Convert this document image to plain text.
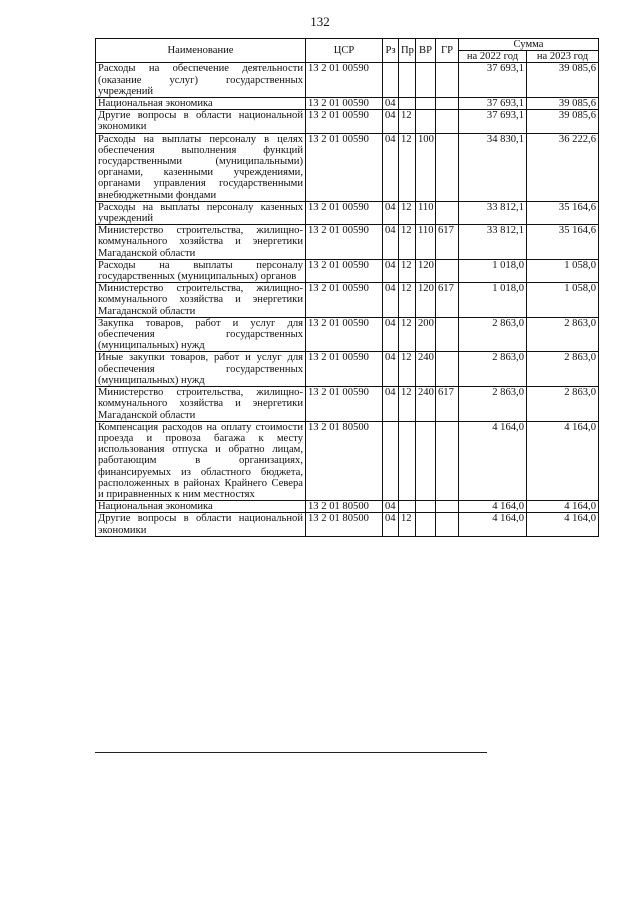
132
Наименование	ЦСР	Рз	Пр	ВР	ГР	Сумма	
						на 2022 год	на 2023 год
Расходы на обеспечение деятельности (оказание услуг) государственных учреждений	13 2 01 00590					37 693,1	39 085,6
Национальная экономика	13 2 01 00590	04				37 693,1	39 085,6
Другие вопросы в области национальной экономики	13 2 01 00590	04	12			37 693,1	39 085,6
Расходы на выплаты персоналу в целях обеспечения выполнения функций государственными (муниципальными) органами, казенными учреждениями, органами управления государственными внебюджетными фондами	13 2 01 00590	04	12	100		34 830,1	36 222,6
Расходы на выплаты персоналу казенных учреждений	13 2 01 00590	04	12	110		33 812,1	35 164,6
Министерство строительства, жилищно-коммунального хозяйства и энергетики Магаданской области	13 2 01 00590	04	12	110	617	33 812,1	35 164,6
Расходы на выплаты персоналу государственных (муниципальных) органов	13 2 01 00590	04	12	120		1 018,0	1 058,0
Министерство строительства, жилищно-коммунального хозяйства и энергетики Магаданской области	13 2 01 00590	04	12	120	617	1 018,0	1 058,0
Закупка товаров, работ и услуг для обеспечения государственных (муниципальных) нужд	13 2 01 00590	04	12	200		2 863,0	2 863,0
Иные закупки товаров, работ и услуг для обеспечения государственных (муниципальных) нужд	13 2 01 00590	04	12	240		2 863,0	2 863,0
Министерство строительства, жилищно-коммунального хозяйства и энергетики Магаданской области	13 2 01 00590	04	12	240	617	2 863,0	2 863,0
Компенсация расходов на оплату стоимости проезда и провоза багажа к месту использования отпуска и обратно лицам, работающим в организациях, финансируемых из областного бюджета, расположенных в районах Крайнего Севера и приравненных к ним местностях	13 2 01 80500					4 164,0	4 164,0
Национальная экономика	13 2 01 80500	04				4 164,0	4 164,0
Другие вопросы в области национальной экономики	13 2 01 80500	04	12			4 164,0	4 164,0
